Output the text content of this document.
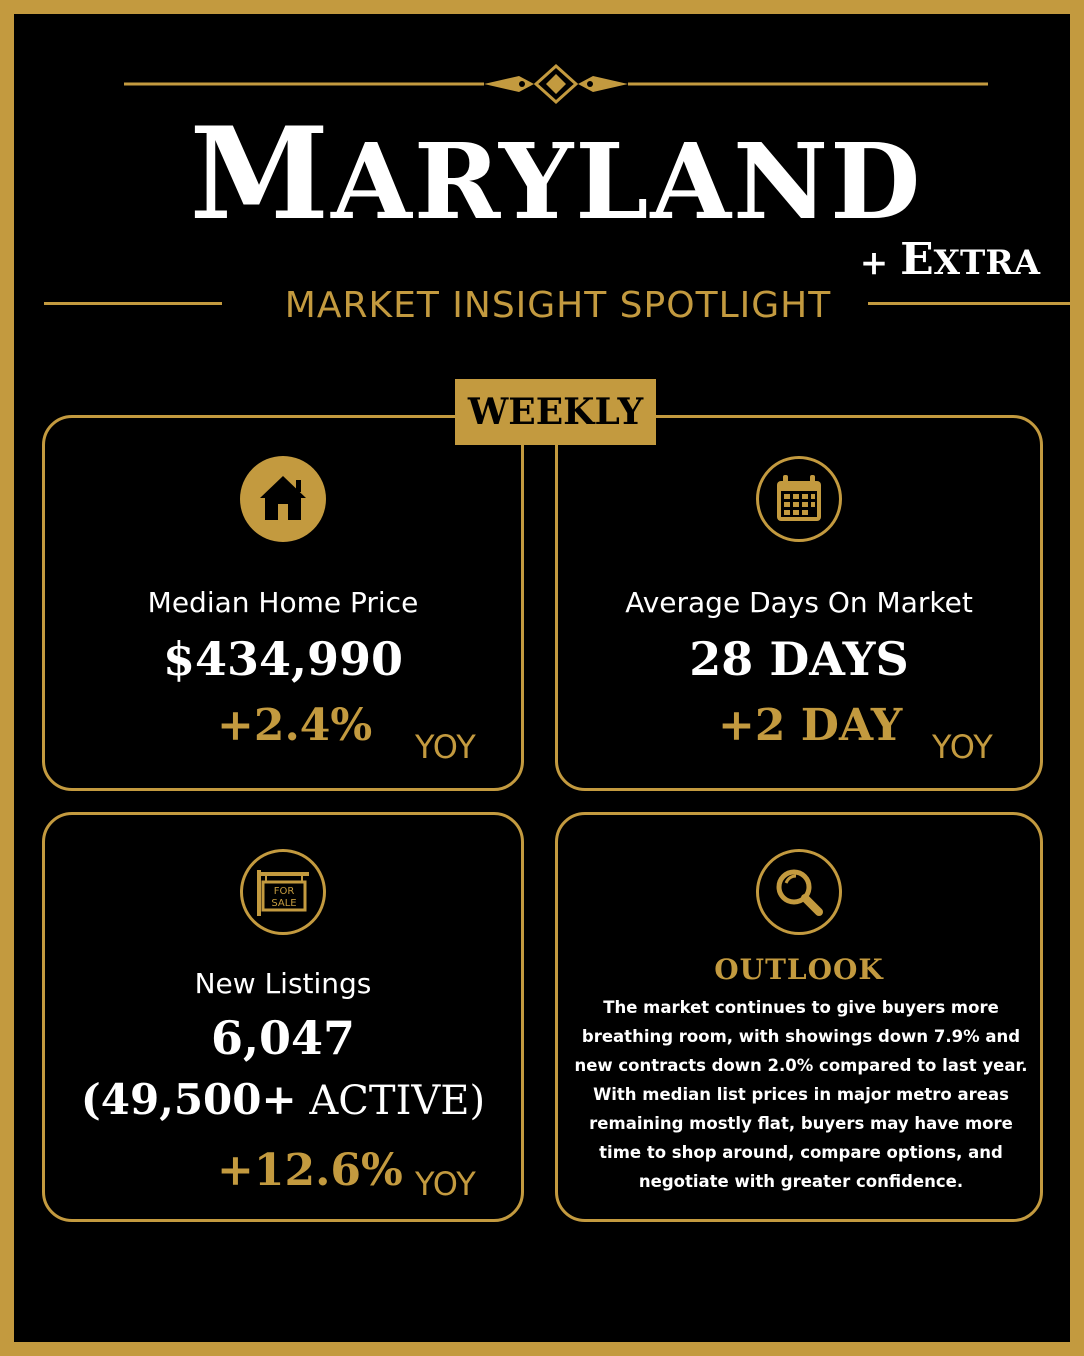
MARYLAND
+ EXTRA
MARKET INSIGHT SPOTLIGHT
WEEKLY
Median Home Price
$434,990
+2.4% YOY
Average Days On Market
28 DAYS
+2 DAY YOY
FOR
SALE
New Listings
6,047
(49,500+ ACTIVE)
+12.6% YOY
OUTLOOK
The market continues to give buyers more breathing room, with showings down 7.9% and new contracts down 2.0% compared to last year. With median list prices in major metro areas remaining mostly flat, buyers may have more time to shop around, compare options, and negotiate with greater confidence.
